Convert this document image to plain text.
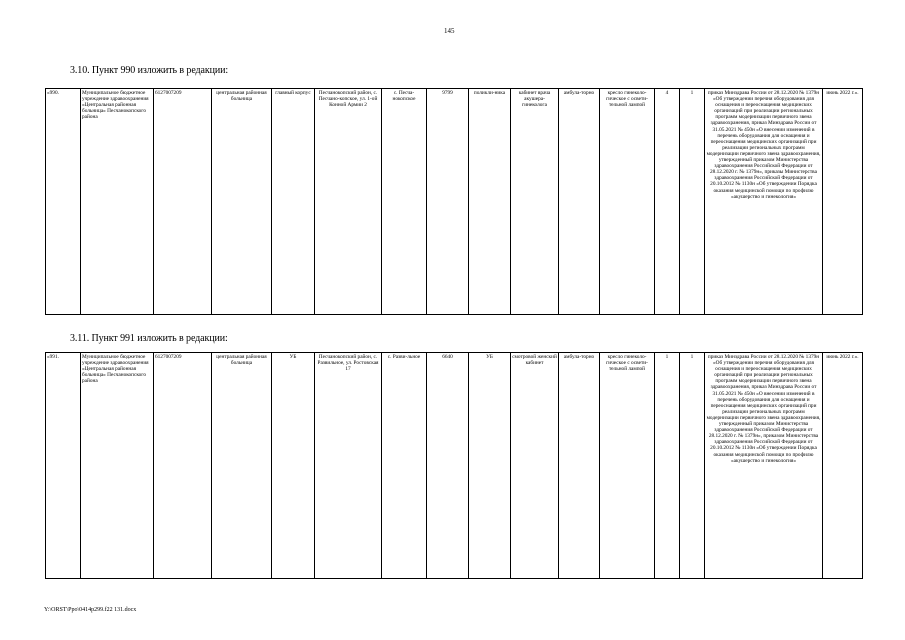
145
3.10. Пункт 990 изложить в редакции:
«990.	Муниципальное бюджетное учреждение здравоохранения «Центральная районная больница» Песчанокопского района	6127007209	центральная районная больница	главный корпус	Песчанокопский район, с. Песчано-копское, ул. 1-ой Конной Армии 2	с. Песча-нокопское	9799	поликли-ника	кабинет врача акушера-гинеколога	амбула-торно	кресло гинеколо-гическое с освети-тельной лампой	4	1	приказ Минздрава России от 28.12.2020 № 1379н «Об утверждении перечня оборудования для оснащения и переоснащения медицинских организаций при реализации региональных программ модернизации первичного звена здравоохранения, приказ Минздрава России от 31.05.2021 № 450н «О внесении изменений в перечень оборудования для оснащения и переоснащения медицинских организаций при реализации региональных программ модернизации первичного звена здравоохранения, утвержденный приказом Министерства здравоохранения Российской Федерации от 28.12.2020 г. № 1379н», приказы Министерства здравоохранения Российской Федерации от 20.10.2012 № 1130н «Об утверждении Порядка оказания медицинской помощи по профилю «акушерство и гинекология»	июнь 2022 г.».
3.11. Пункт 991 изложить в редакции:
«991.	Муниципальное бюджетное учреждение здравоохранения «Центральная районная больница» Песчанокопского района	6127007209	центральная районная больница	УБ	Песчанокопский район, с. Развильное, ул. Ростовская 17	с. Разви-льное	6640	УБ	смотровой женский кабинет	амбула-торно	кресло гинеколо-гическое с освети-тельной лампой	1	1	приказ Минздрава России от 28.12.2020 № 1379н «Об утверждении перечня оборудования для оснащения и переоснащения медицинских организаций при реализации региональных программ модернизации первичного звена здравоохранения, приказ Минздрава России от 31.05.2021 № 450н «О внесении изменений в перечень оборудования для оснащения и переоснащения медицинских организаций при реализации региональных программ модернизации первичного звена здравоохранения, утвержденный приказом Министерства здравоохранения Российской Федерации от 28.12.2020 г. № 1379н», приказом Министерства здравоохранения Российской Федерации от 20.10.2012 № 1130н «Об утверждении Порядка оказания медицинской помощи по профилю «акушерство и гинекология»	июнь 2022 г.».
Y:\ORST\Ppo\0414p299.f22 131.docx
